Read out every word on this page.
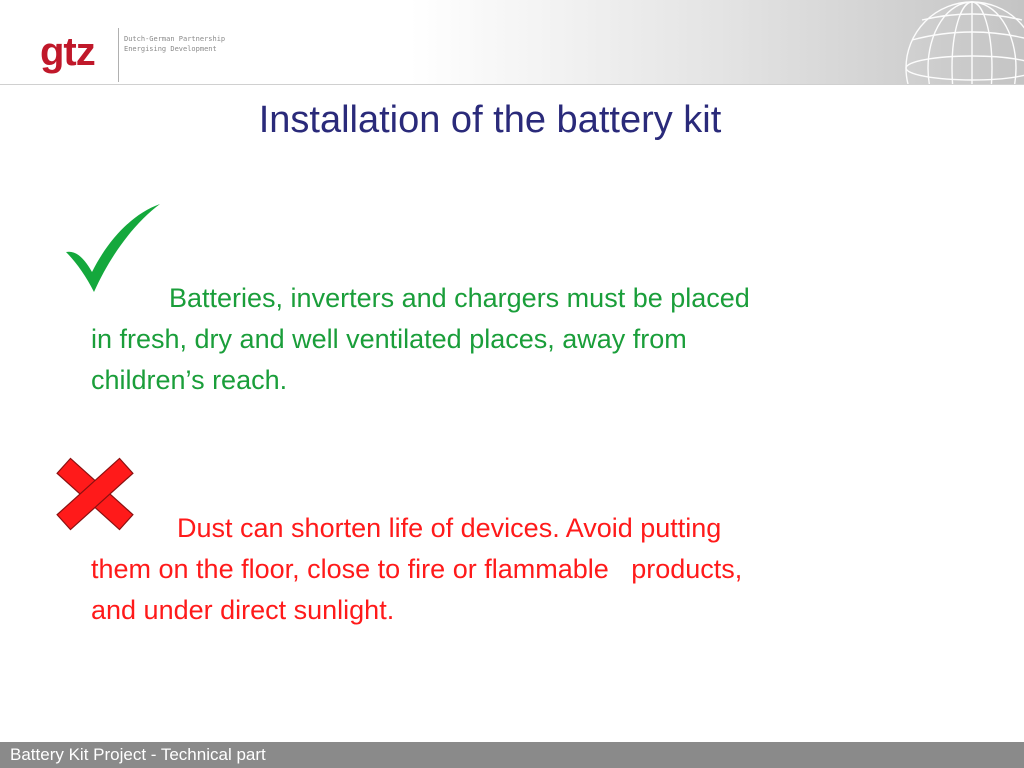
gtz	Dutch-German Partnership
Energising Development
Installation of the battery kit
Batteries, inverters and chargers must be placed
in fresh, dry and well ventilated places, away from
children’s reach.
Dust can shorten life of devices. Avoid putting
them on the floor, close to fire or flammable   products,
and under direct sunlight.
Battery Kit Project - Technical part
